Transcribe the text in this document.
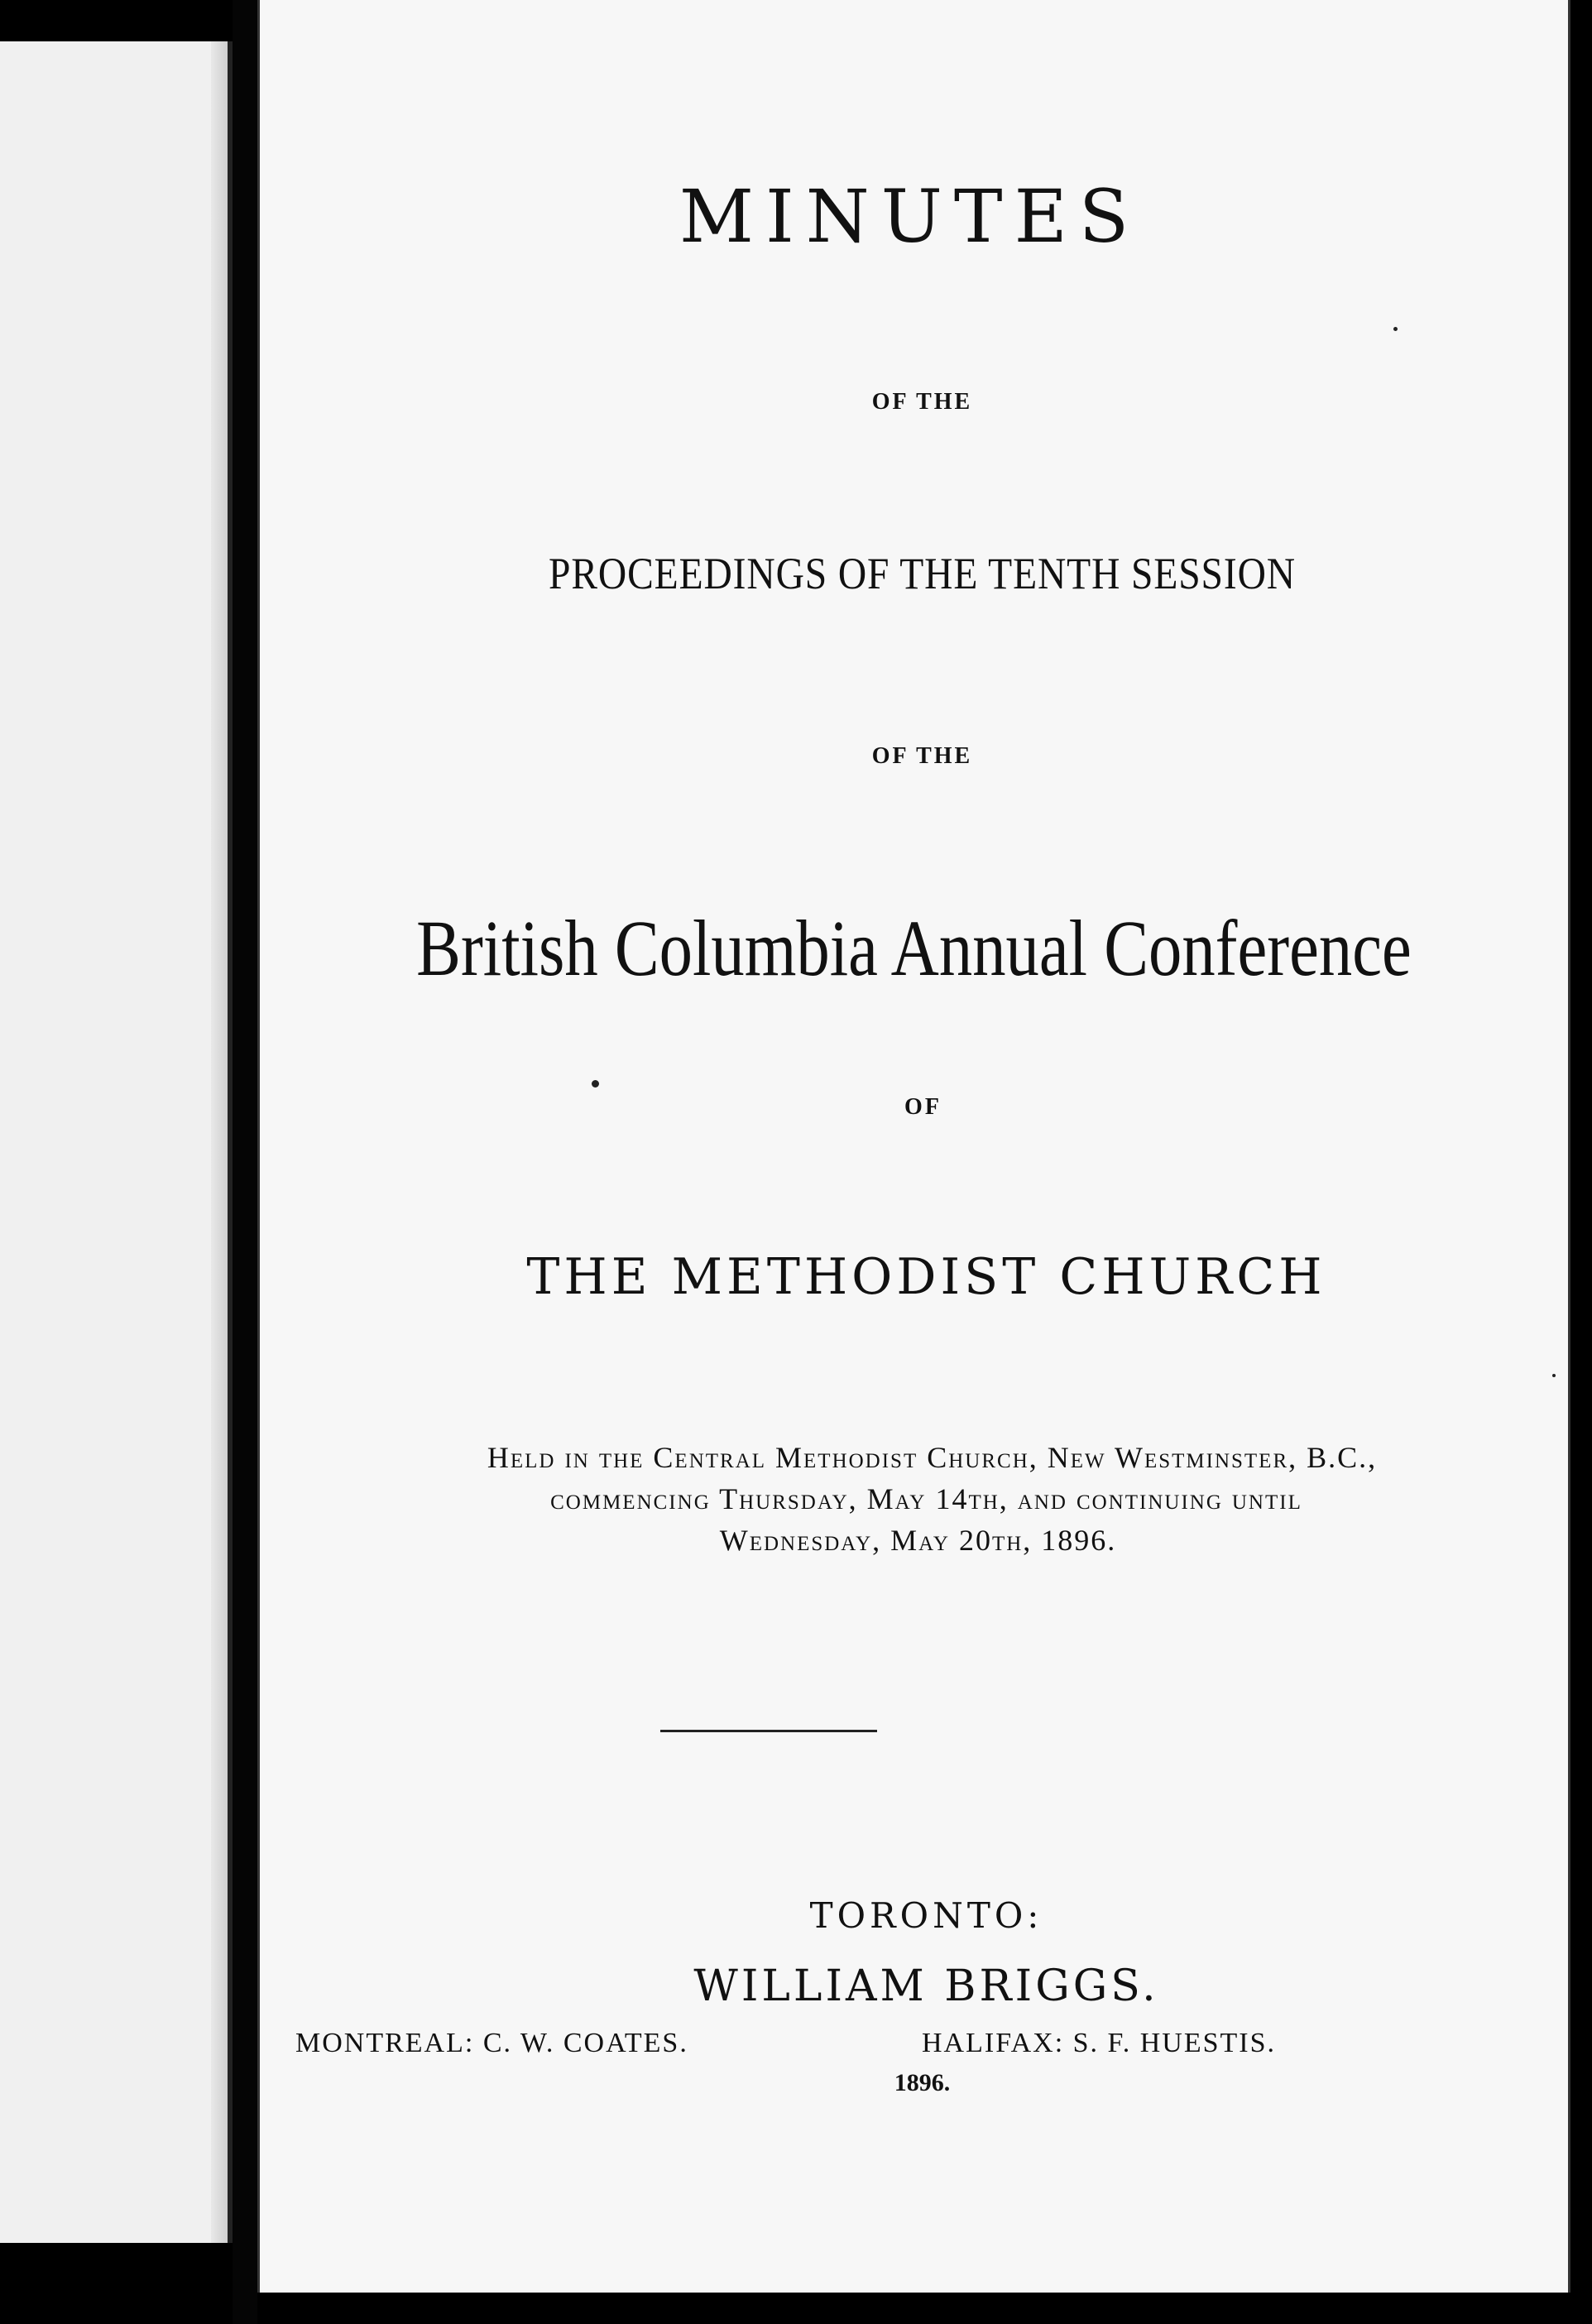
MINUTES
OF THE
PROCEEDINGS OF THE TENTH SESSION
OF THE
British Columbia Annual Conference
OF
THE METHODIST CHURCH
Held in the Central Methodist Church, New Westminster, B.C.,
commencing Thursday, May 14th, and continuing until
Wednesday, May 20th, 1896.
TORONTO:
WILLIAM BRIGGS.
MONTREAL: C. W. COATES.	HALIFAX: S. F. HUESTIS.
1896.
